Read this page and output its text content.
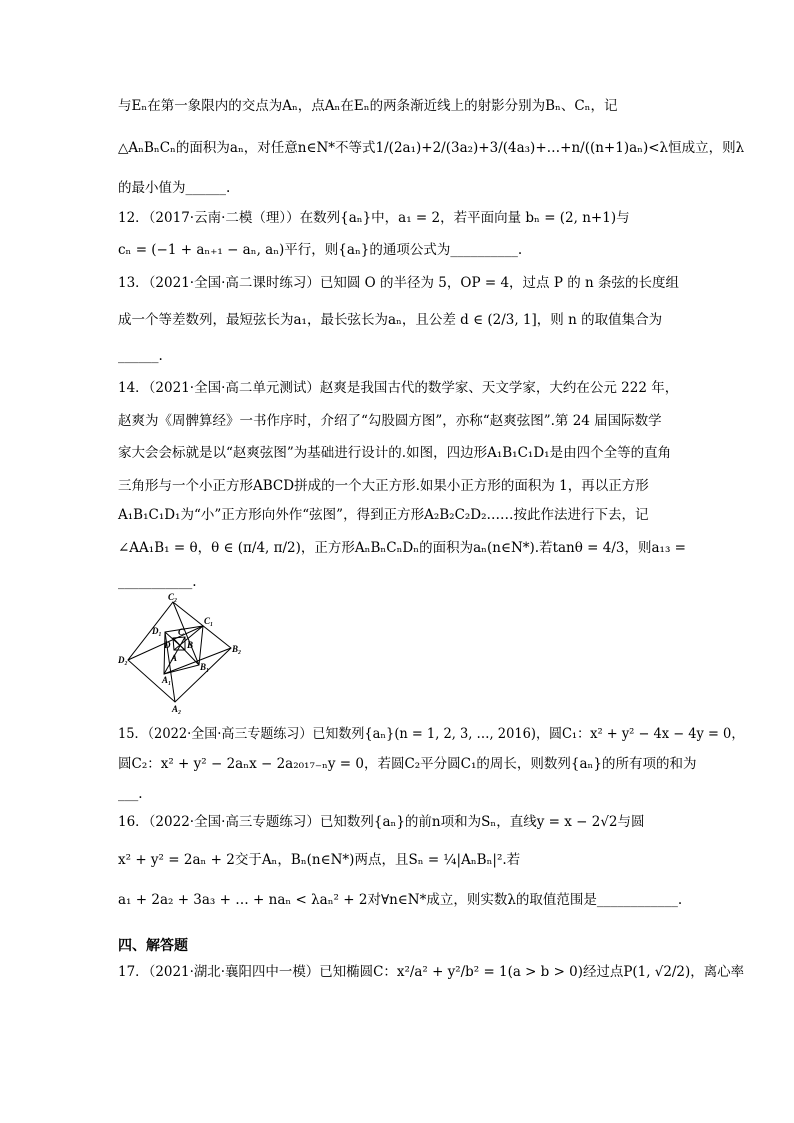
与Eₙ在第一象限内的交点为Aₙ，点Aₙ在Eₙ的两条渐近线上的射影分别为Bₙ、Cₙ，记
△AₙBₙCₙ的面积为aₙ，对任意n∈N*不等式1/(2a₁)+2/(3a₂)+3/(4a₃)+…+n/((n+1)aₙ)<λ恒成立，则λ
的最小值为______.
12．（2017·云南·二模（理））在数列{aₙ}中，a₁ = 2，若平面向量 bₙ = (2, n+1)与
cₙ = (−1 + aₙ₊₁ − aₙ, aₙ)平行，则{aₙ}的通项公式为__________.
13．（2021·全国·高二课时练习）已知圆 O 的半径为 5，OP = 4，过点 P 的 n 条弦的长度组
成一个等差数列，最短弦长为a₁，最长弦长为aₙ，且公差 d ∈ (2/3, 1]，则 n 的取值集合为
______.
14．（2021·全国·高二单元测试）赵爽是我国古代的数学家、天文学家，大约在公元 222 年，
赵爽为《周髀算经》一书作序时，介绍了“勾股圆方图”，亦称“赵爽弦图”.第 24 届国际数学
家大会会标就是以“赵爽弦图”为基础进行设计的.如图，四边形A₁B₁C₁D₁是由四个全等的直角
三角形与一个小正方形ABCD拼成的一个大正方形.如果小正方形的面积为 1，再以正方形
A₁B₁C₁D₁为“小”正方形向外作“弦图”，得到正方形A₂B₂C₂D₂……按此作法进行下去，记
∠AA₁B₁ = θ，θ ∈ (π/4, π/2)，正方形AₙBₙCₙDₙ的面积为aₙ(n∈N*).若tanθ = 4/3，则a₁₃ =
___________.
C₂
C₁
D₁ C
D B
B₁
A
A₁
D₂
B₂
A₂
15．（2022·全国·高三专题练习）已知数列{aₙ}(n = 1, 2, 3, …, 2016)，圆C₁：x² + y² − 4x − 4y = 0，
圆C₂：x² + y² − 2aₙx − 2a₂₀₁₇₋ₙy = 0，若圆C₂平分圆C₁的周长，则数列{aₙ}的所有项的和为
___.
16．（2022·全国·高三专题练习）已知数列{aₙ}的前n项和为Sₙ，直线y = x − 2√2与圆
x² + y² = 2aₙ + 2交于Aₙ，Bₙ(n∈N*)两点，且Sₙ = ¼|AₙBₙ|².若
a₁ + 2a₂ + 3a₃ + … + naₙ < λaₙ² + 2对∀n∈N*成立，则实数λ的取值范围是____________.
四、解答题
17．（2021·湖北·襄阳四中一模）已知椭圆C：x²/a² + y²/b² = 1(a > b > 0)经过点P(1, √2/2)，离心率
